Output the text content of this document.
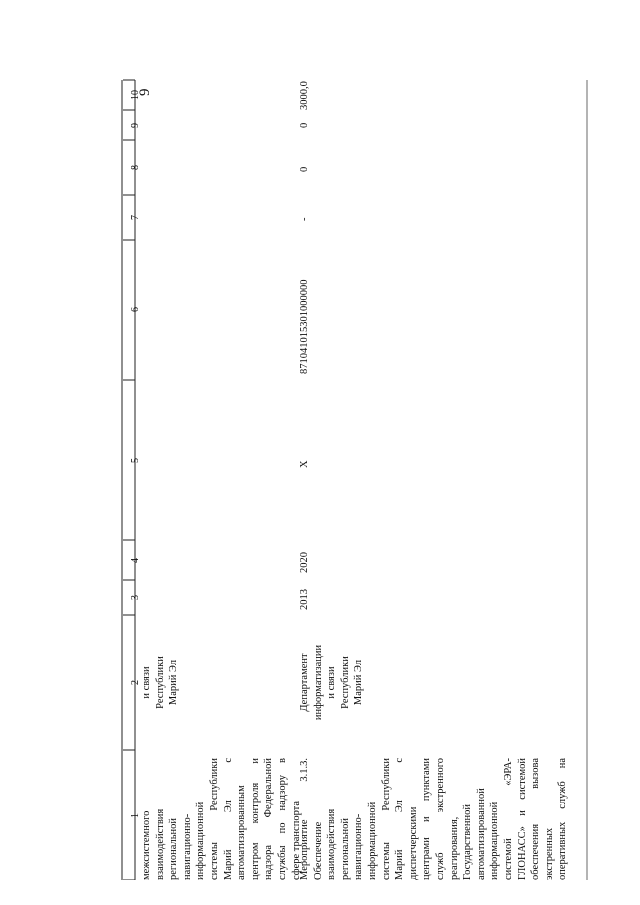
9
1
2
3
4
5
6
7
8
9
10
межсистемного взаимодействия региональной навигационно- информационной системы Республики Марий Эл с автоматизированным центром контроля и надзора Федеральной службы по надзору в сфере транспорта
и связи Республики Марий Эл
Мероприятие 3.1.3. Обеспечение взаимодействия региональной навигационно- информационной системы Республики Марий Эл с диспетчерскими центрами и пунктами служб экстренного реагирования, Государственной автоматизированной информационной системой «ЭРА- ГЛОНАСС» и системой обеспечения вызова экстренных оперативных служб на
Департамент информатизации и связи Республики Марий Эл
2013
2020
X
871041015301000000
-
0
0
3000,0
